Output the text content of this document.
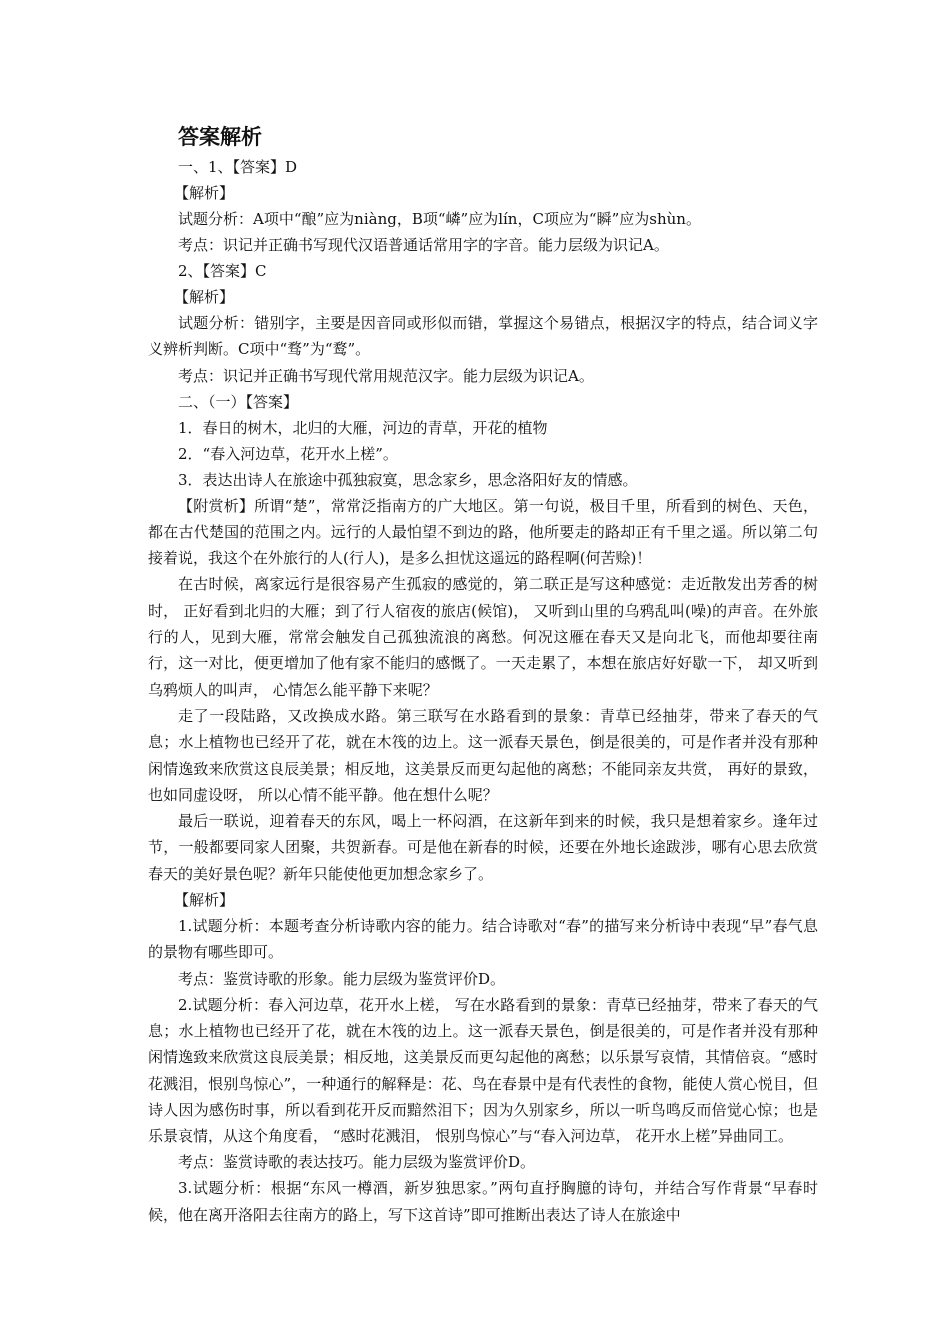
答案解析
一、1、【答案】D
【解析】
试题分析：A项中“酿”应为niàng，B项“嶙”应为lín，C项应为“瞬”应为shùn。
考点：识记并正确书写现代汉语普通话常用字的字音。能力层级为识记A。
2、【答案】C
【解析】
试题分析：错别字，主要是因音同或形似而错，掌握这个易错点，根据汉字的特点，结合词义字义辨析判断。C项中“骛”为“鹜”。
考点：识记并正确书写现代常用规范汉字。能力层级为识记A。
二、（一）【答案】
1．春日的树木，北归的大雁，河边的青草，开花的植物
2．“春入河边草，花开水上槎”。
3．表达出诗人在旅途中孤独寂寞，思念家乡，思念洛阳好友的情感。
【附赏析】所谓“楚”，常常泛指南方的广大地区。第一句说，极目千里，所看到的树色、天色，都在古代楚国的范围之内。远行的人最怕望不到边的路，他所要走的路却正有千里之遥。所以第二句接着说，我这个在外旅行的人(行人)，是多么担忧这遥远的路程啊(何苦赊)！
在古时候，离家远行是很容易产生孤寂的感觉的，第二联正是写这种感觉：走近散发出芳香的树时， 正好看到北归的大雁；到了行人宿夜的旅店(候馆)， 又听到山里的乌鸦乱叫(噪)的声音。在外旅行的人，见到大雁，常常会触发自己孤独流浪的离愁。何况这雁在春天又是向北飞，而他却要往南行，这一对比，便更增加了他有家不能归的感慨了。一天走累了，本想在旅店好好歇一下， 却又听到乌鸦烦人的叫声， 心情怎么能平静下来呢？
走了一段陆路，又改换成水路。第三联写在水路看到的景象：青草已经抽芽，带来了春天的气息；水上植物也已经开了花，就在木筏的边上。这一派春天景色，倒是很美的，可是作者并没有那种闲情逸致来欣赏这良辰美景；相反地，这美景反而更勾起他的离愁；不能同亲友共赏， 再好的景致， 也如同虚设呀， 所以心情不能平静。他在想什么呢？
最后一联说，迎着春天的东风，喝上一杯闷酒，在这新年到来的时候，我只是想着家乡。逢年过节，一般都要同家人团聚，共贺新春。可是他在新春的时候，还要在外地长途跋涉，哪有心思去欣赏春天的美好景色呢？新年只能使他更加想念家乡了。
【解析】
1.试题分析：本题考查分析诗歌内容的能力。结合诗歌对“春”的描写来分析诗中表现“早”春气息的景物有哪些即可。
考点：鉴赏诗歌的形象。能力层级为鉴赏评价D。
2.试题分析：春入河边草，花开水上槎， 写在水路看到的景象：青草已经抽芽，带来了春天的气息；水上植物也已经开了花，就在木筏的边上。这一派春天景色，倒是很美的，可是作者并没有那种闲情逸致来欣赏这良辰美景；相反地，这美景反而更勾起他的离愁；以乐景写哀情，其情倍哀。“感时花溅泪，恨别鸟惊心”，一种通行的解释是：花、鸟在春景中是有代表性的食物，能使人赏心悦目，但诗人因为感伤时事，所以看到花开反而黯然泪下；因为久别家乡，所以一听鸟鸣反而倍觉心惊；也是乐景哀情，从这个角度看， “感时花溅泪， 恨别鸟惊心”与“春入河边草， 花开水上槎”异曲同工。
考点：鉴赏诗歌的表达技巧。能力层级为鉴赏评价D。
3.试题分析：根据“东风一樽酒，新岁独思家。”两句直抒胸臆的诗句，并结合写作背景“早春时候，他在离开洛阳去往南方的路上，写下这首诗”即可推断出表达了诗人在旅途中
